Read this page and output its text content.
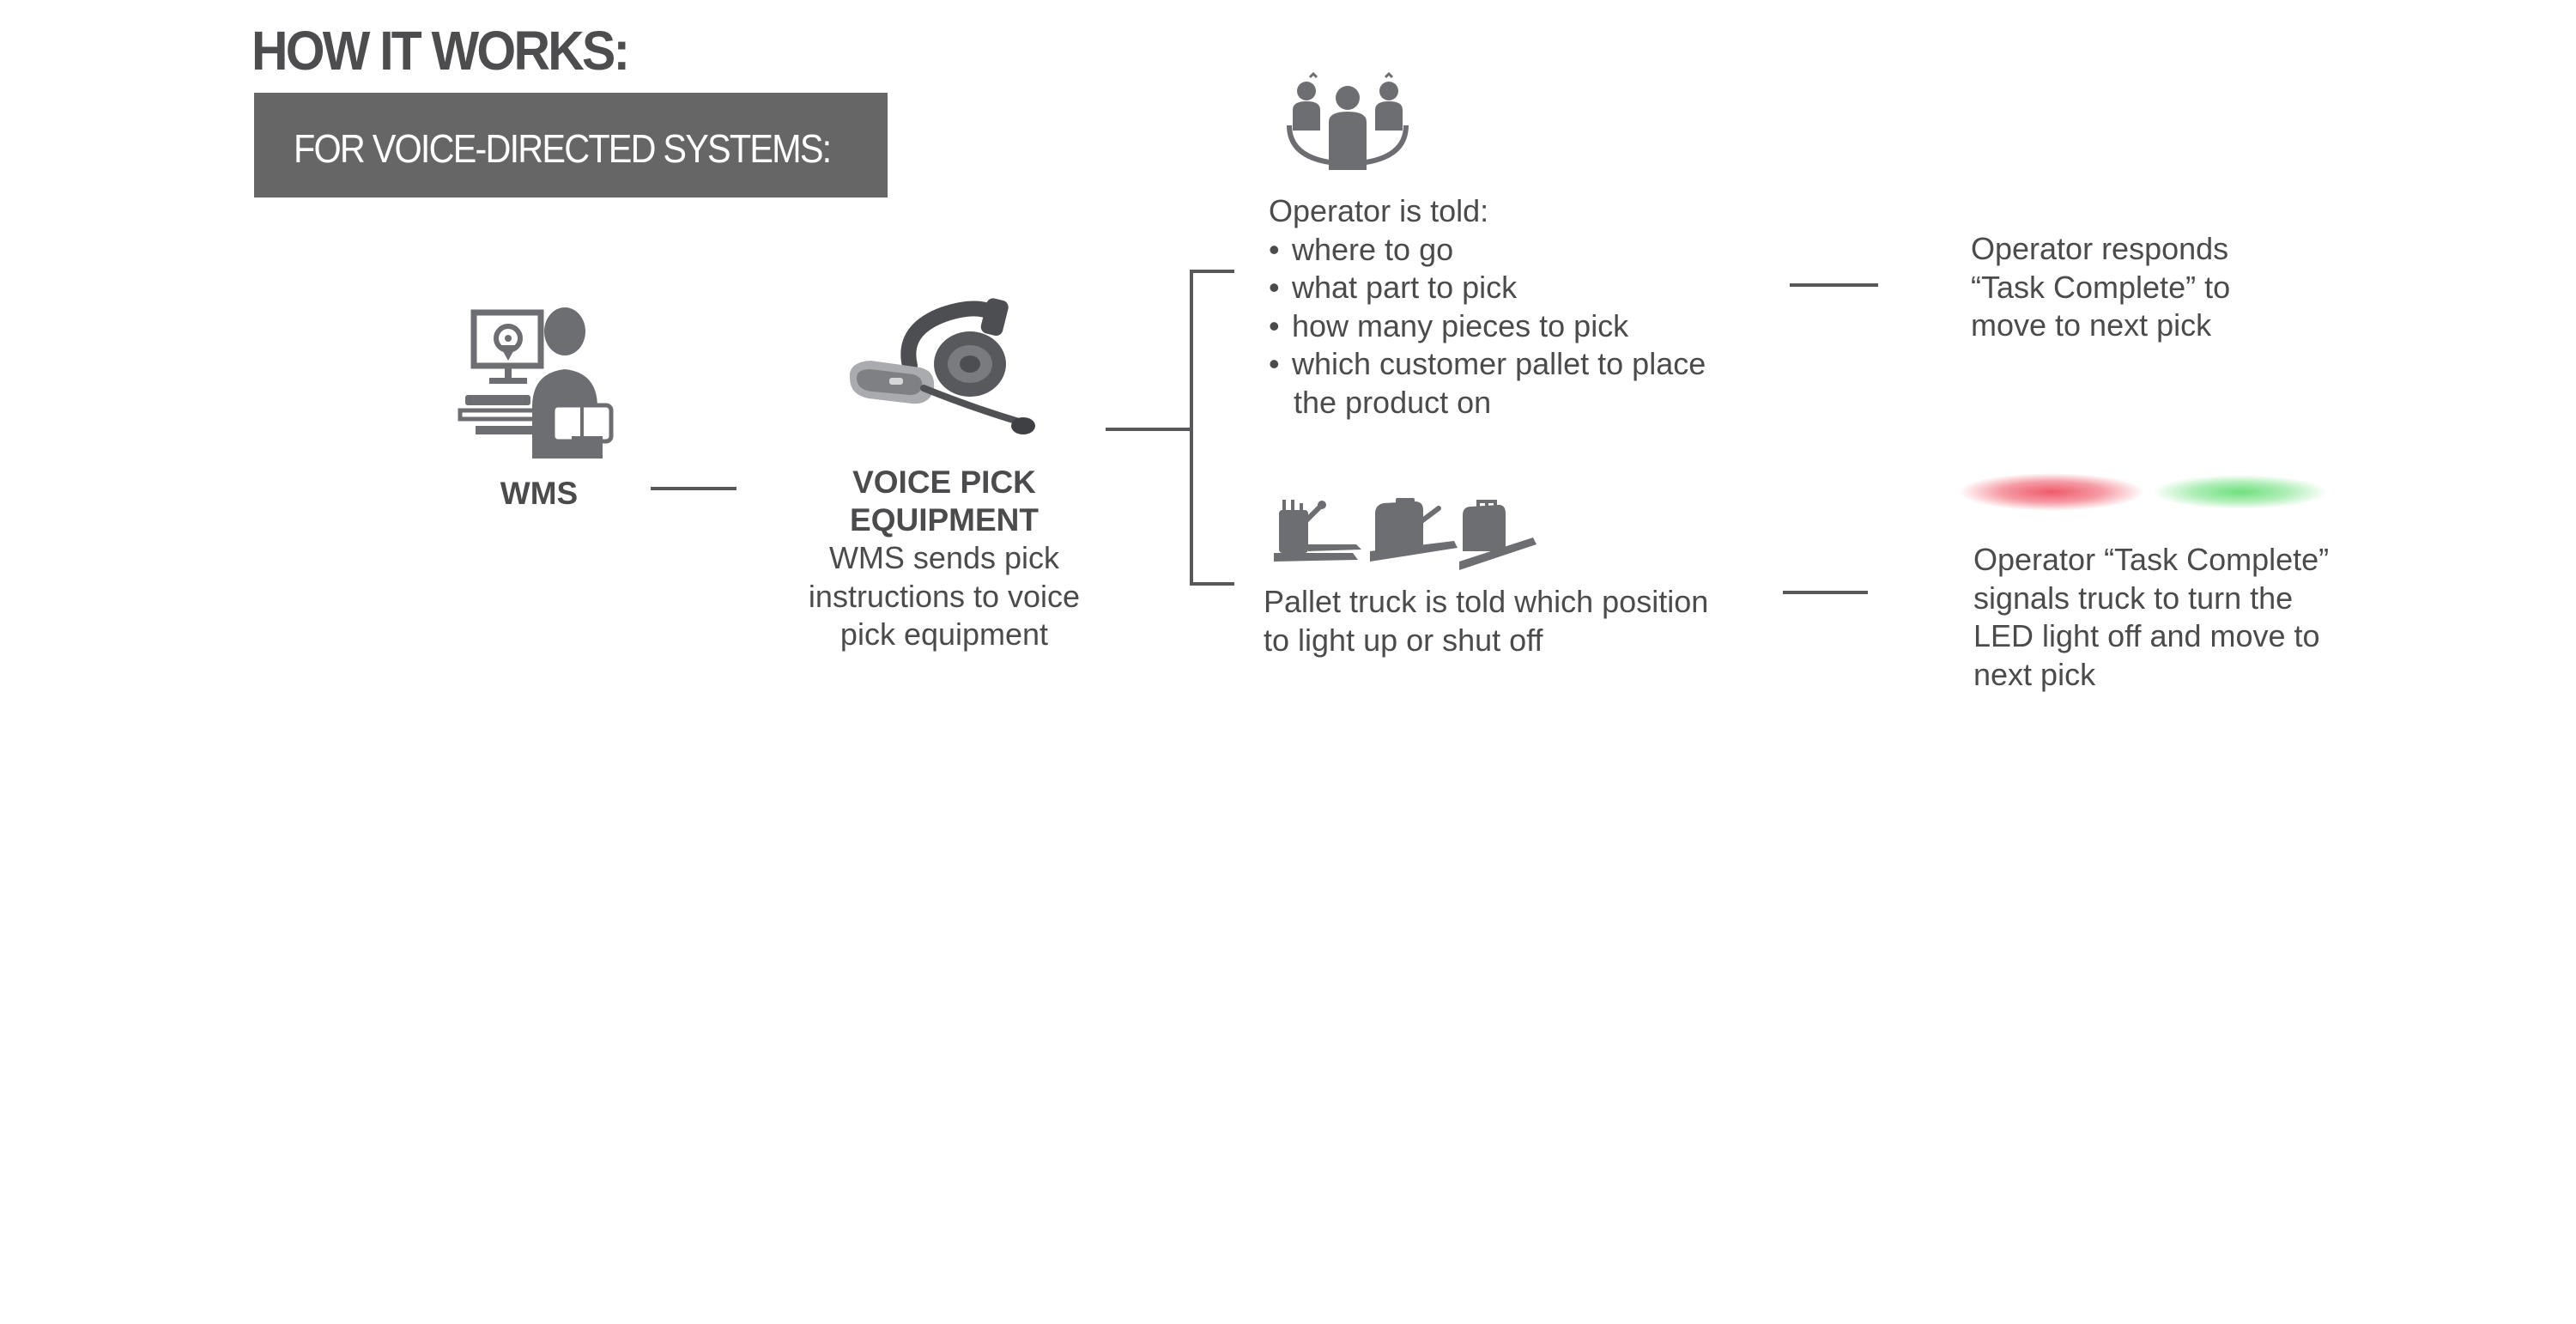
HOW IT WORKS:
FOR VOICE-DIRECTED SYSTEMS:
WMS	VOICE PICK
EQUIPMENT
WMS sends pick
instructions to voice
pick equipment
Operator is told:
• where to go
• what part to pick
• how many pieces to pick
• which customer pallet to place
the product on
Operator responds
“Task Complete” to
move to next pick
Pallet truck is told which position
to light up or shut off
Operator “Task Complete”
signals truck to turn the
LED light off and move to
next pick
